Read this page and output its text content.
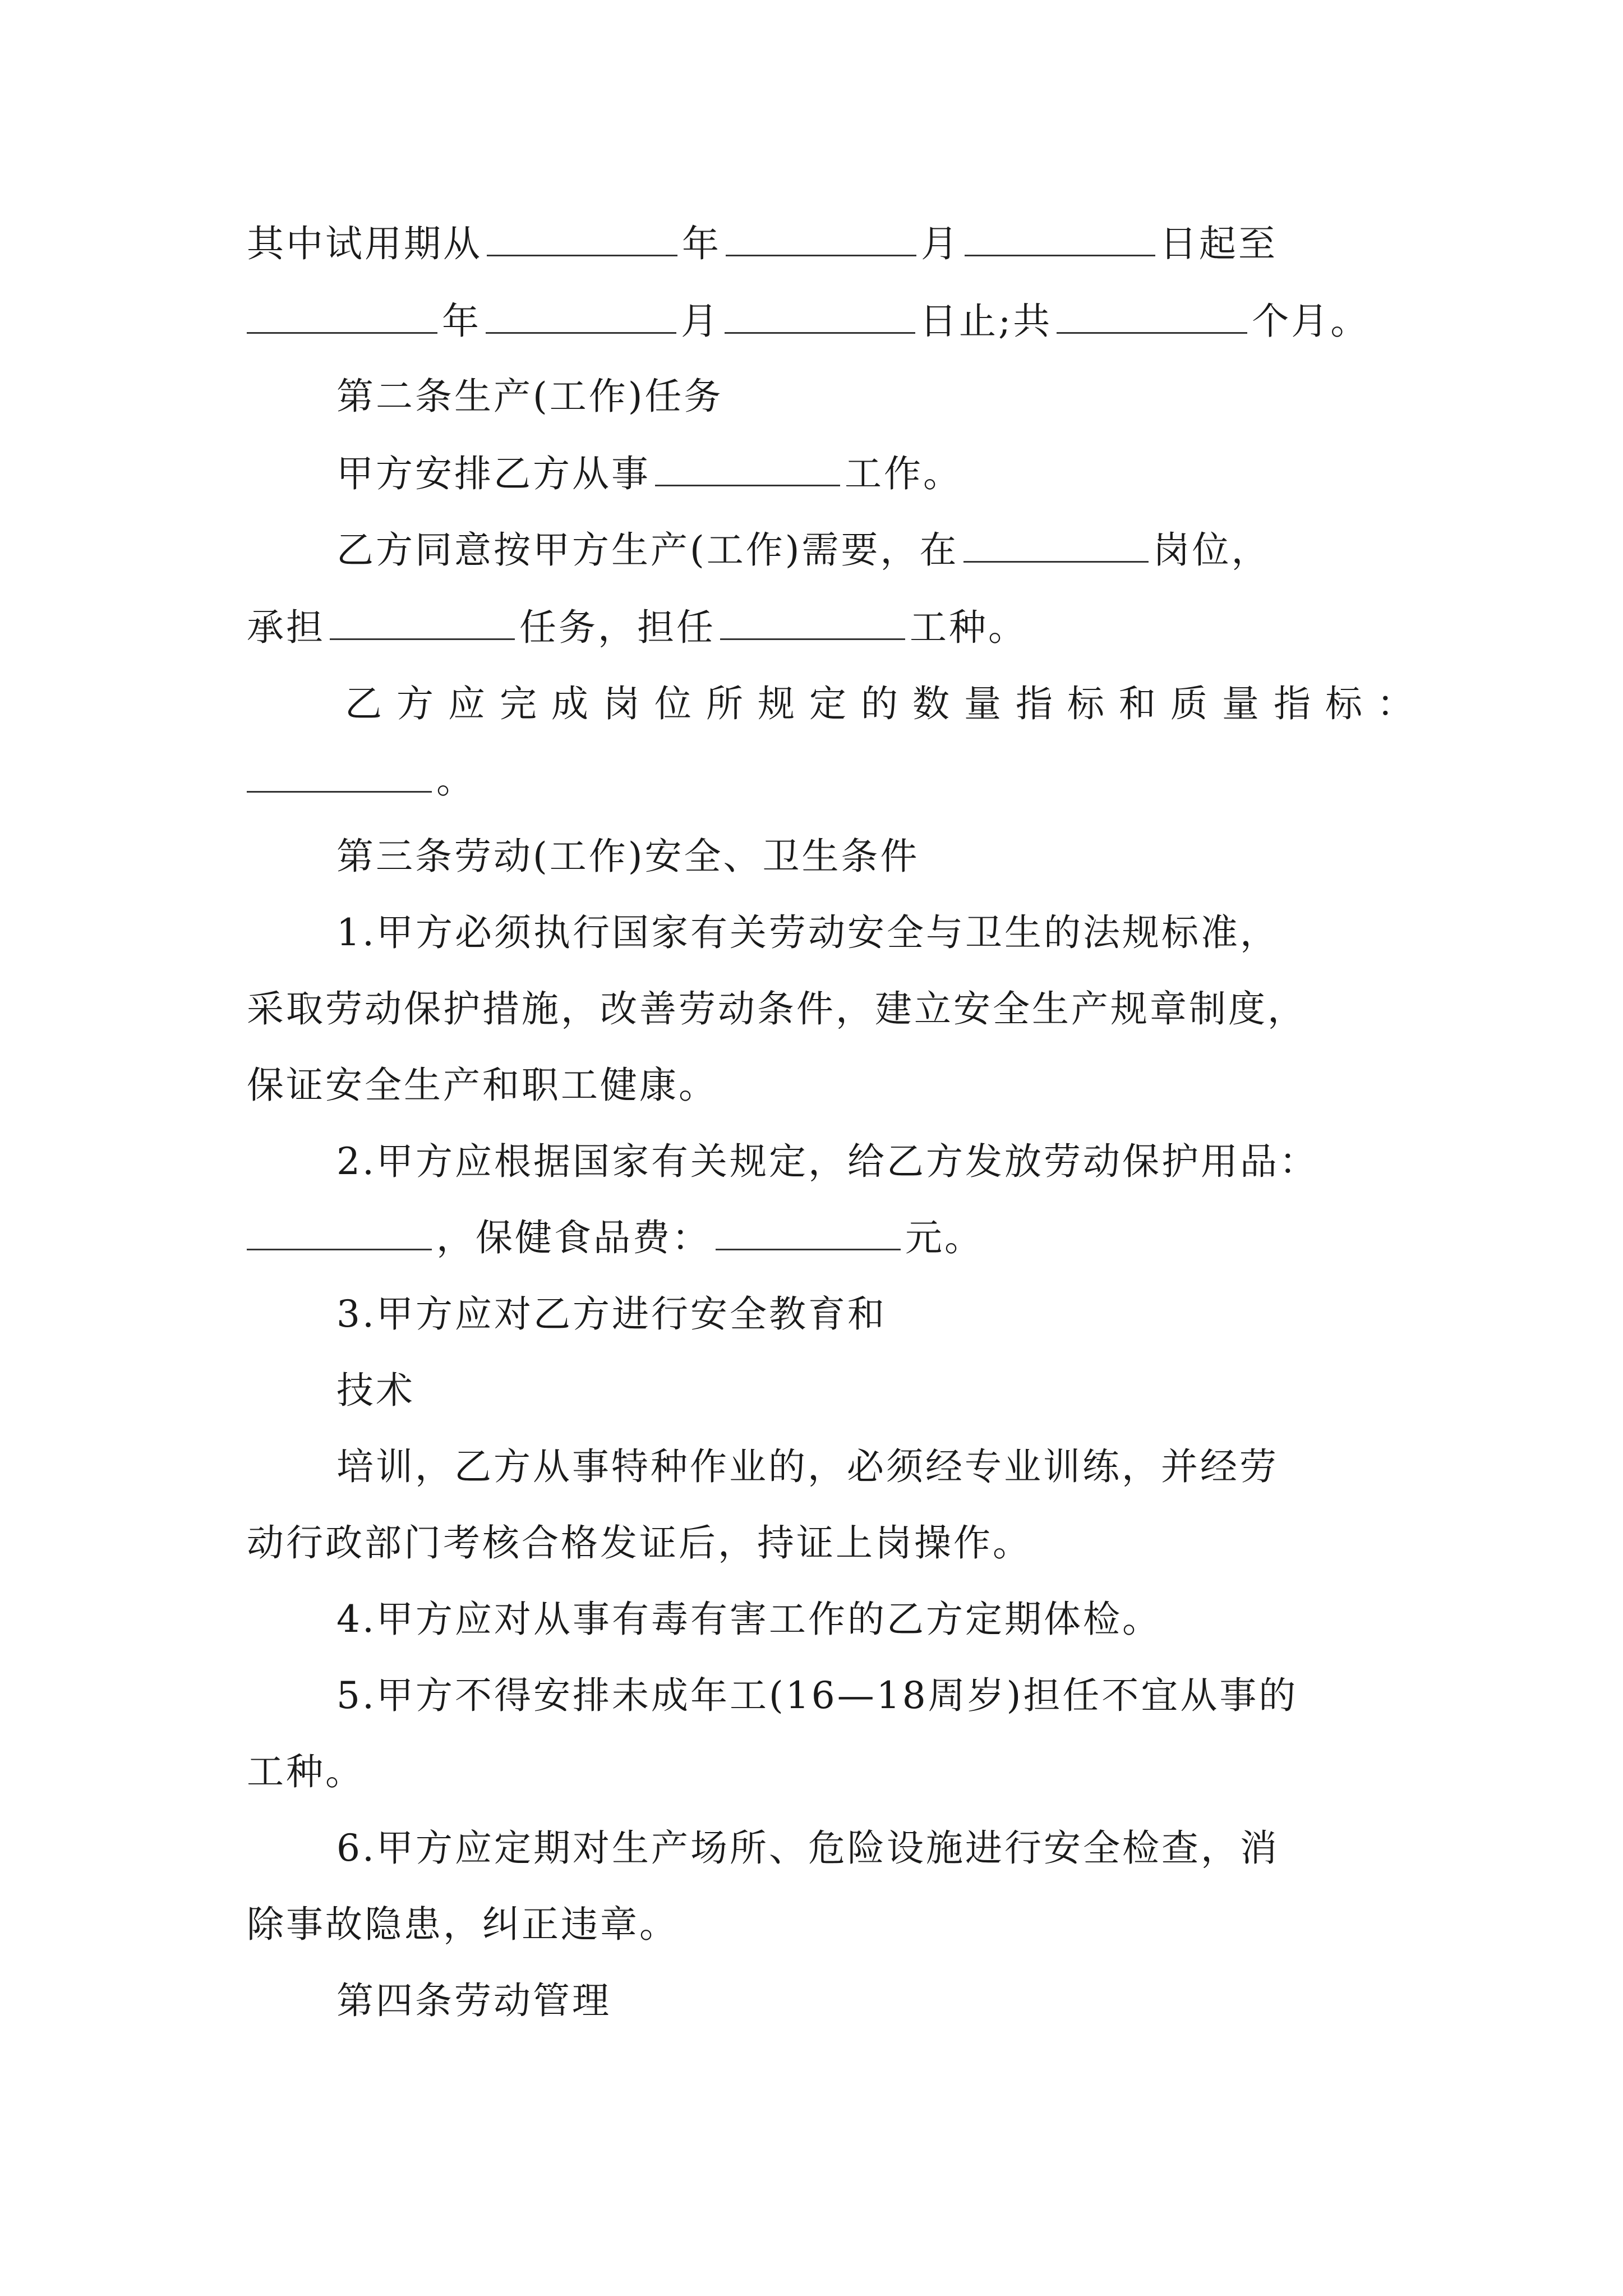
其中试用期从	年	月	日起至
年	月	日止;共	个月。
第二条生产(工作)任务
甲方安排乙方从事	工作。
乙方同意按甲方生产(工作)需要，在	岗位，
承担	任务，担任	工种。
乙方应完成岗位所规定的数量指标和质量指标：
。
第三条劳动(工作)安全、卫生条件
1.甲方必须执行国家有关劳动安全与卫生的法规标准，
采取劳动保护措施，改善劳动条件，建立安全生产规章制度，
保证安全生产和职工健康。
2.甲方应根据国家有关规定，给乙方发放劳动保护用品：
，保健食品费：	元。
3.甲方应对乙方进行安全教育和
技术
培训，乙方从事特种作业的，必须经专业训练，并经劳
动行政部门考核合格发证后，持证上岗操作。
4.甲方应对从事有毒有害工作的乙方定期体检。
5.甲方不得安排未成年工(16—18周岁)担任不宜从事的
工种。
6.甲方应定期对生产场所、危险设施进行安全检查，消
除事故隐患，纠正违章。
第四条劳动管理
